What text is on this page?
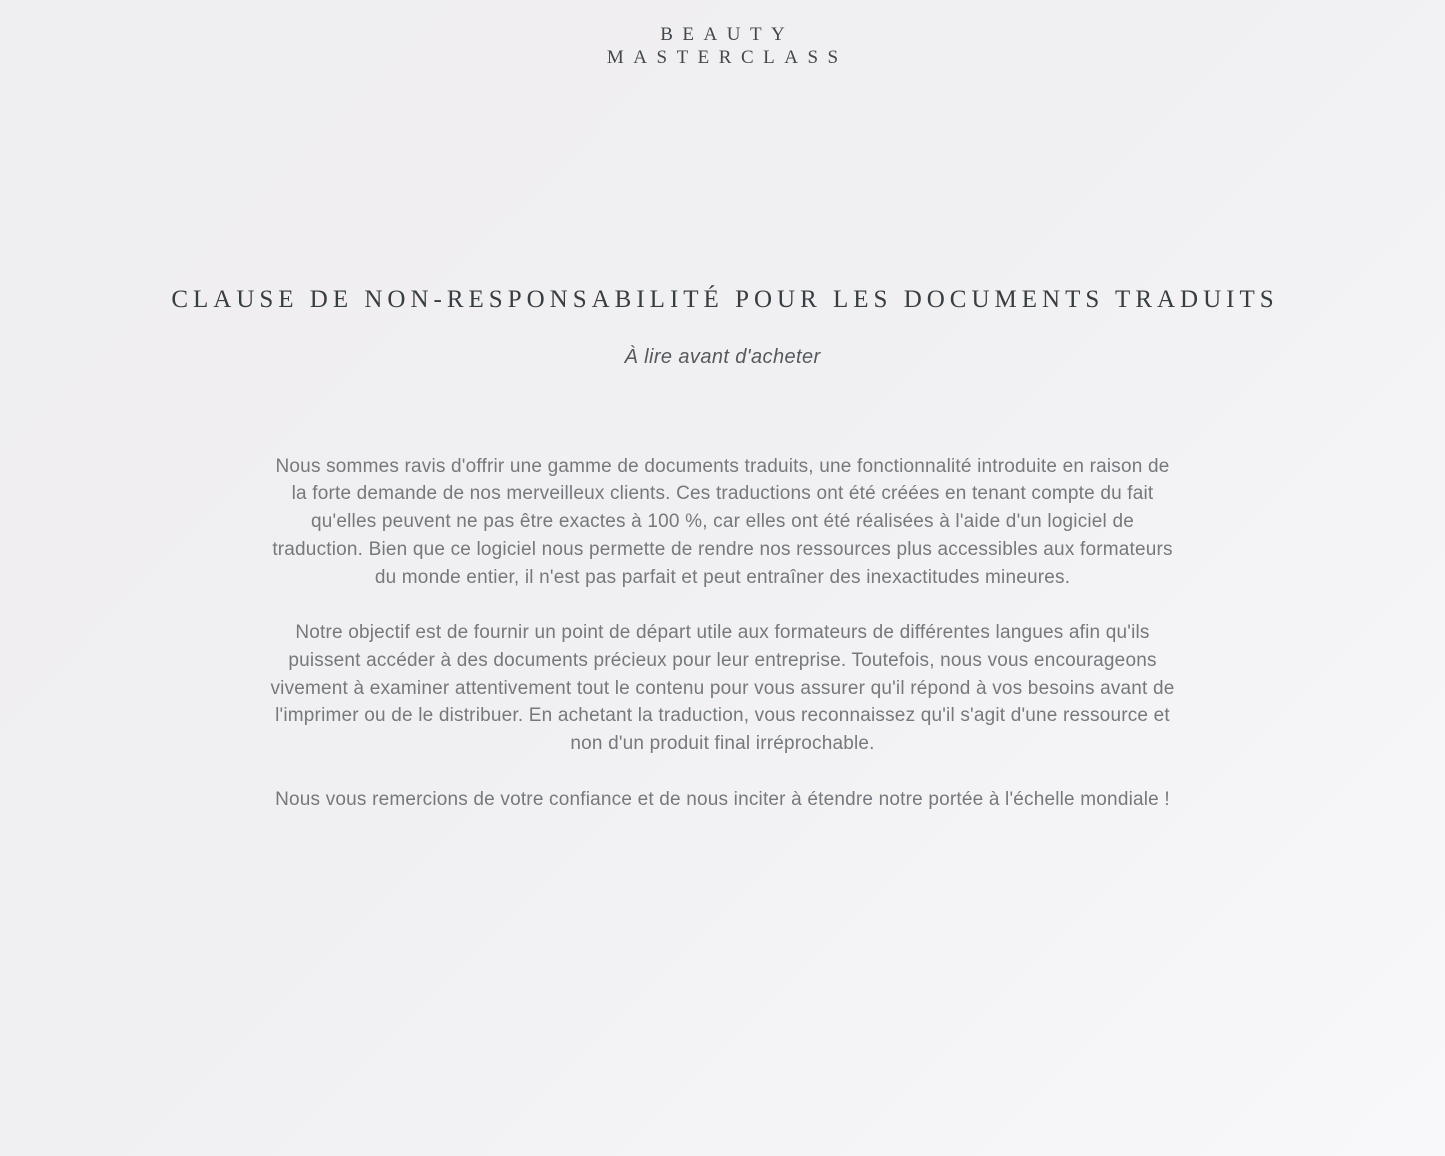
BEAUTY
MASTERCLASS
CLAUSE DE NON-RESPONSABILITÉ POUR LES DOCUMENTS TRADUITS

À lire avant d'acheter

Nous sommes ravis d'offrir une gamme de documents traduits, une fonctionnalité introduite en raison de la forte demande de nos merveilleux clients. Ces traductions ont été créées en tenant compte du fait qu'elles peuvent ne pas être exactes à 100 %, car elles ont été réalisées à l'aide d'un logiciel de traduction. Bien que ce logiciel nous permette de rendre nos ressources plus accessibles aux formateurs du monde entier, il n'est pas parfait et peut entraîner des inexactitudes mineures.

Notre objectif est de fournir un point de départ utile aux formateurs de différentes langues afin qu'ils puissent accéder à des documents précieux pour leur entreprise. Toutefois, nous vous encourageons vivement à examiner attentivement tout le contenu pour vous assurer qu'il répond à vos besoins avant de l'imprimer ou de le distribuer. En achetant la traduction, vous reconnaissez qu'il s'agit d'une ressource et non d'un produit final irréprochable.

Nous vous remercions de votre confiance et de nous inciter à étendre notre portée à l'échelle mondiale !
